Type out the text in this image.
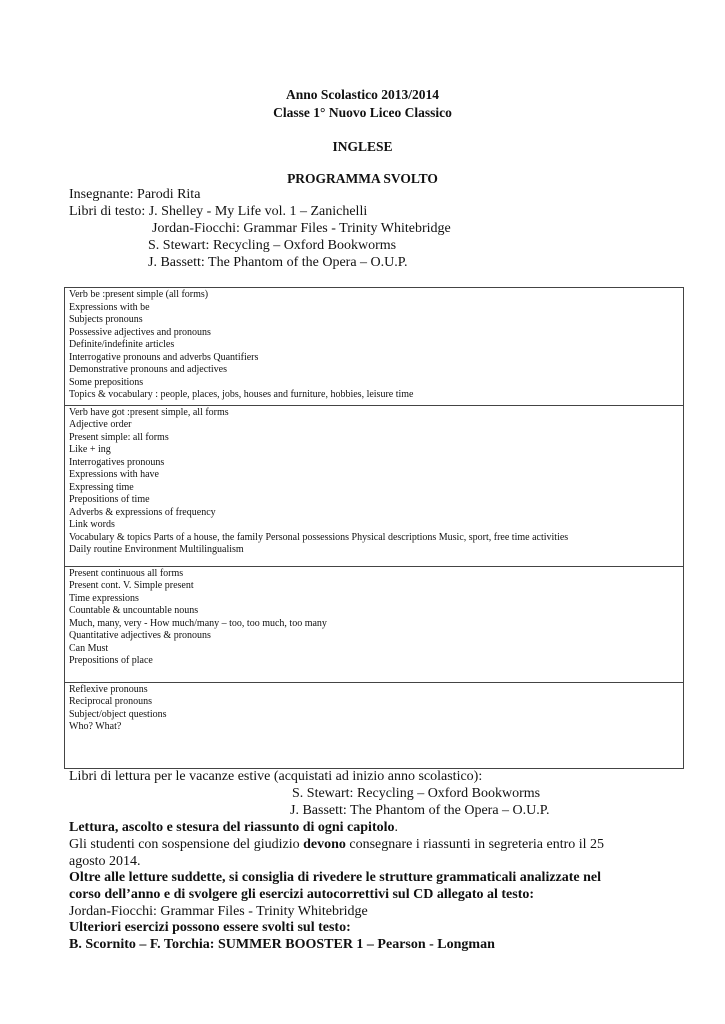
Anno Scolastico 2013/2014
Classe 1° Nuovo Liceo Classico
INGLESE
PROGRAMMA SVOLTO
Insegnante: Parodi Rita
Libri di testo: J. Shelley - My Life vol. 1 – Zanichelli
Jordan-Fiocchi: Grammar Files - Trinity Whitebridge
S. Stewart: Recycling – Oxford Bookworms
J. Bassett: The Phantom of the Opera – O.U.P.
Verb be :present simple (all forms)
Expressions with be
Subjects pronouns
Possessive adjectives and pronouns
Definite/indefinite articles
Interrogative pronouns and adverbs Quantifiers
Demonstrative pronouns and adjectives
Some prepositions
Topics & vocabulary : people, places, jobs, houses and furniture, hobbies, leisure time

Verb have got :present simple, all forms
Adjective order
Present simple: all forms
Like + ing
Interrogatives pronouns
Expressions with have
Expressing time
Prepositions of time
Adverbs & expressions of frequency
Link words
Vocabulary & topics Parts of a house, the family Personal possessions Physical descriptions Music, sport, free time activities
Daily routine Environment Multilingualism

Present continuous all forms
Present cont. V. Simple present
Time expressions
Countable & uncountable nouns
Much, many, very - How much/many – too, too much, too many
Quantitative adjectives & pronouns
Can Must
Prepositions of place

Reflexive pronouns
Reciprocal pronouns
Subject/object questions
Who? What?
Libri di lettura per le vacanze estive (acquistati ad inizio anno scolastico):
S. Stewart: Recycling – Oxford Bookworms
J. Bassett: The Phantom of the Opera – O.U.P.
Lettura, ascolto e stesura del riassunto di ogni capitolo.
Gli studenti con sospensione del giudizio devono consegnare i riassunti in segreteria entro il 25
agosto 2014.
Oltre alle letture suddette, si consiglia di rivedere le strutture grammaticali analizzate nel
corso dell’anno e di svolgere gli esercizi autocorrettivi sul CD allegato al testo:
Jordan-Fiocchi: Grammar Files - Trinity Whitebridge
Ulteriori esercizi possono essere svolti sul testo:
B. Scornito – F. Torchia: SUMMER BOOSTER 1 – Pearson - Longman
